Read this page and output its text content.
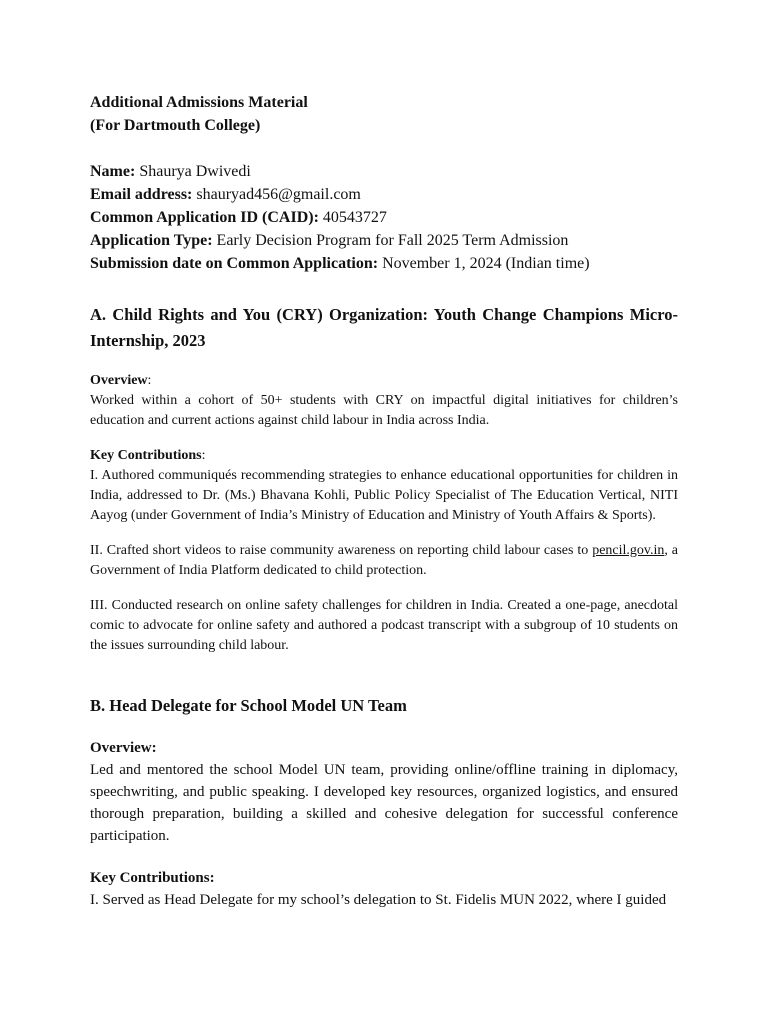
Additional Admissions Material

(For Dartmouth College)

Name: Shaurya Dwivedi

Email address: shauryad456@gmail.com

Common Application ID (CAID): 40543727

Application Type: Early Decision Program for Fall 2025 Term Admission

Submission date on Common Application: November 1, 2024 (Indian time)

A. Child Rights and You (CRY) Organization: Youth Change Champions Micro-Internship, 2023

Overview:

Worked within a cohort of 50+ students with CRY on impactful digital initiatives for children’s education and current actions against child labour in India across India.

Key Contributions:

I. Authored communiqués recommending strategies to enhance educational opportunities for children in India, addressed to Dr. (Ms.) Bhavana Kohli, Public Policy Specialist of The Education Vertical, NITI Aayog (under Government of India’s Ministry of Education and Ministry of Youth Affairs & Sports).

II. Crafted short videos to raise community awareness on reporting child labour cases to pencil.gov.in, a Government of India Platform dedicated to child protection.

III. Conducted research on online safety challenges for children in India. Created a one-page, anecdotal comic to advocate for online safety and authored a podcast transcript with a subgroup of 10 students on the issues surrounding child labour.

B. Head Delegate for School Model UN Team

Overview:

Led and mentored the school Model UN team, providing online/offline training in diplomacy, speechwriting, and public speaking. I developed key resources, organized logistics, and ensured thorough preparation, building a skilled and cohesive delegation for successful conference participation.

Key Contributions:

I. Served as Head Delegate for my school’s delegation to St. Fidelis MUN 2022, where I guided
